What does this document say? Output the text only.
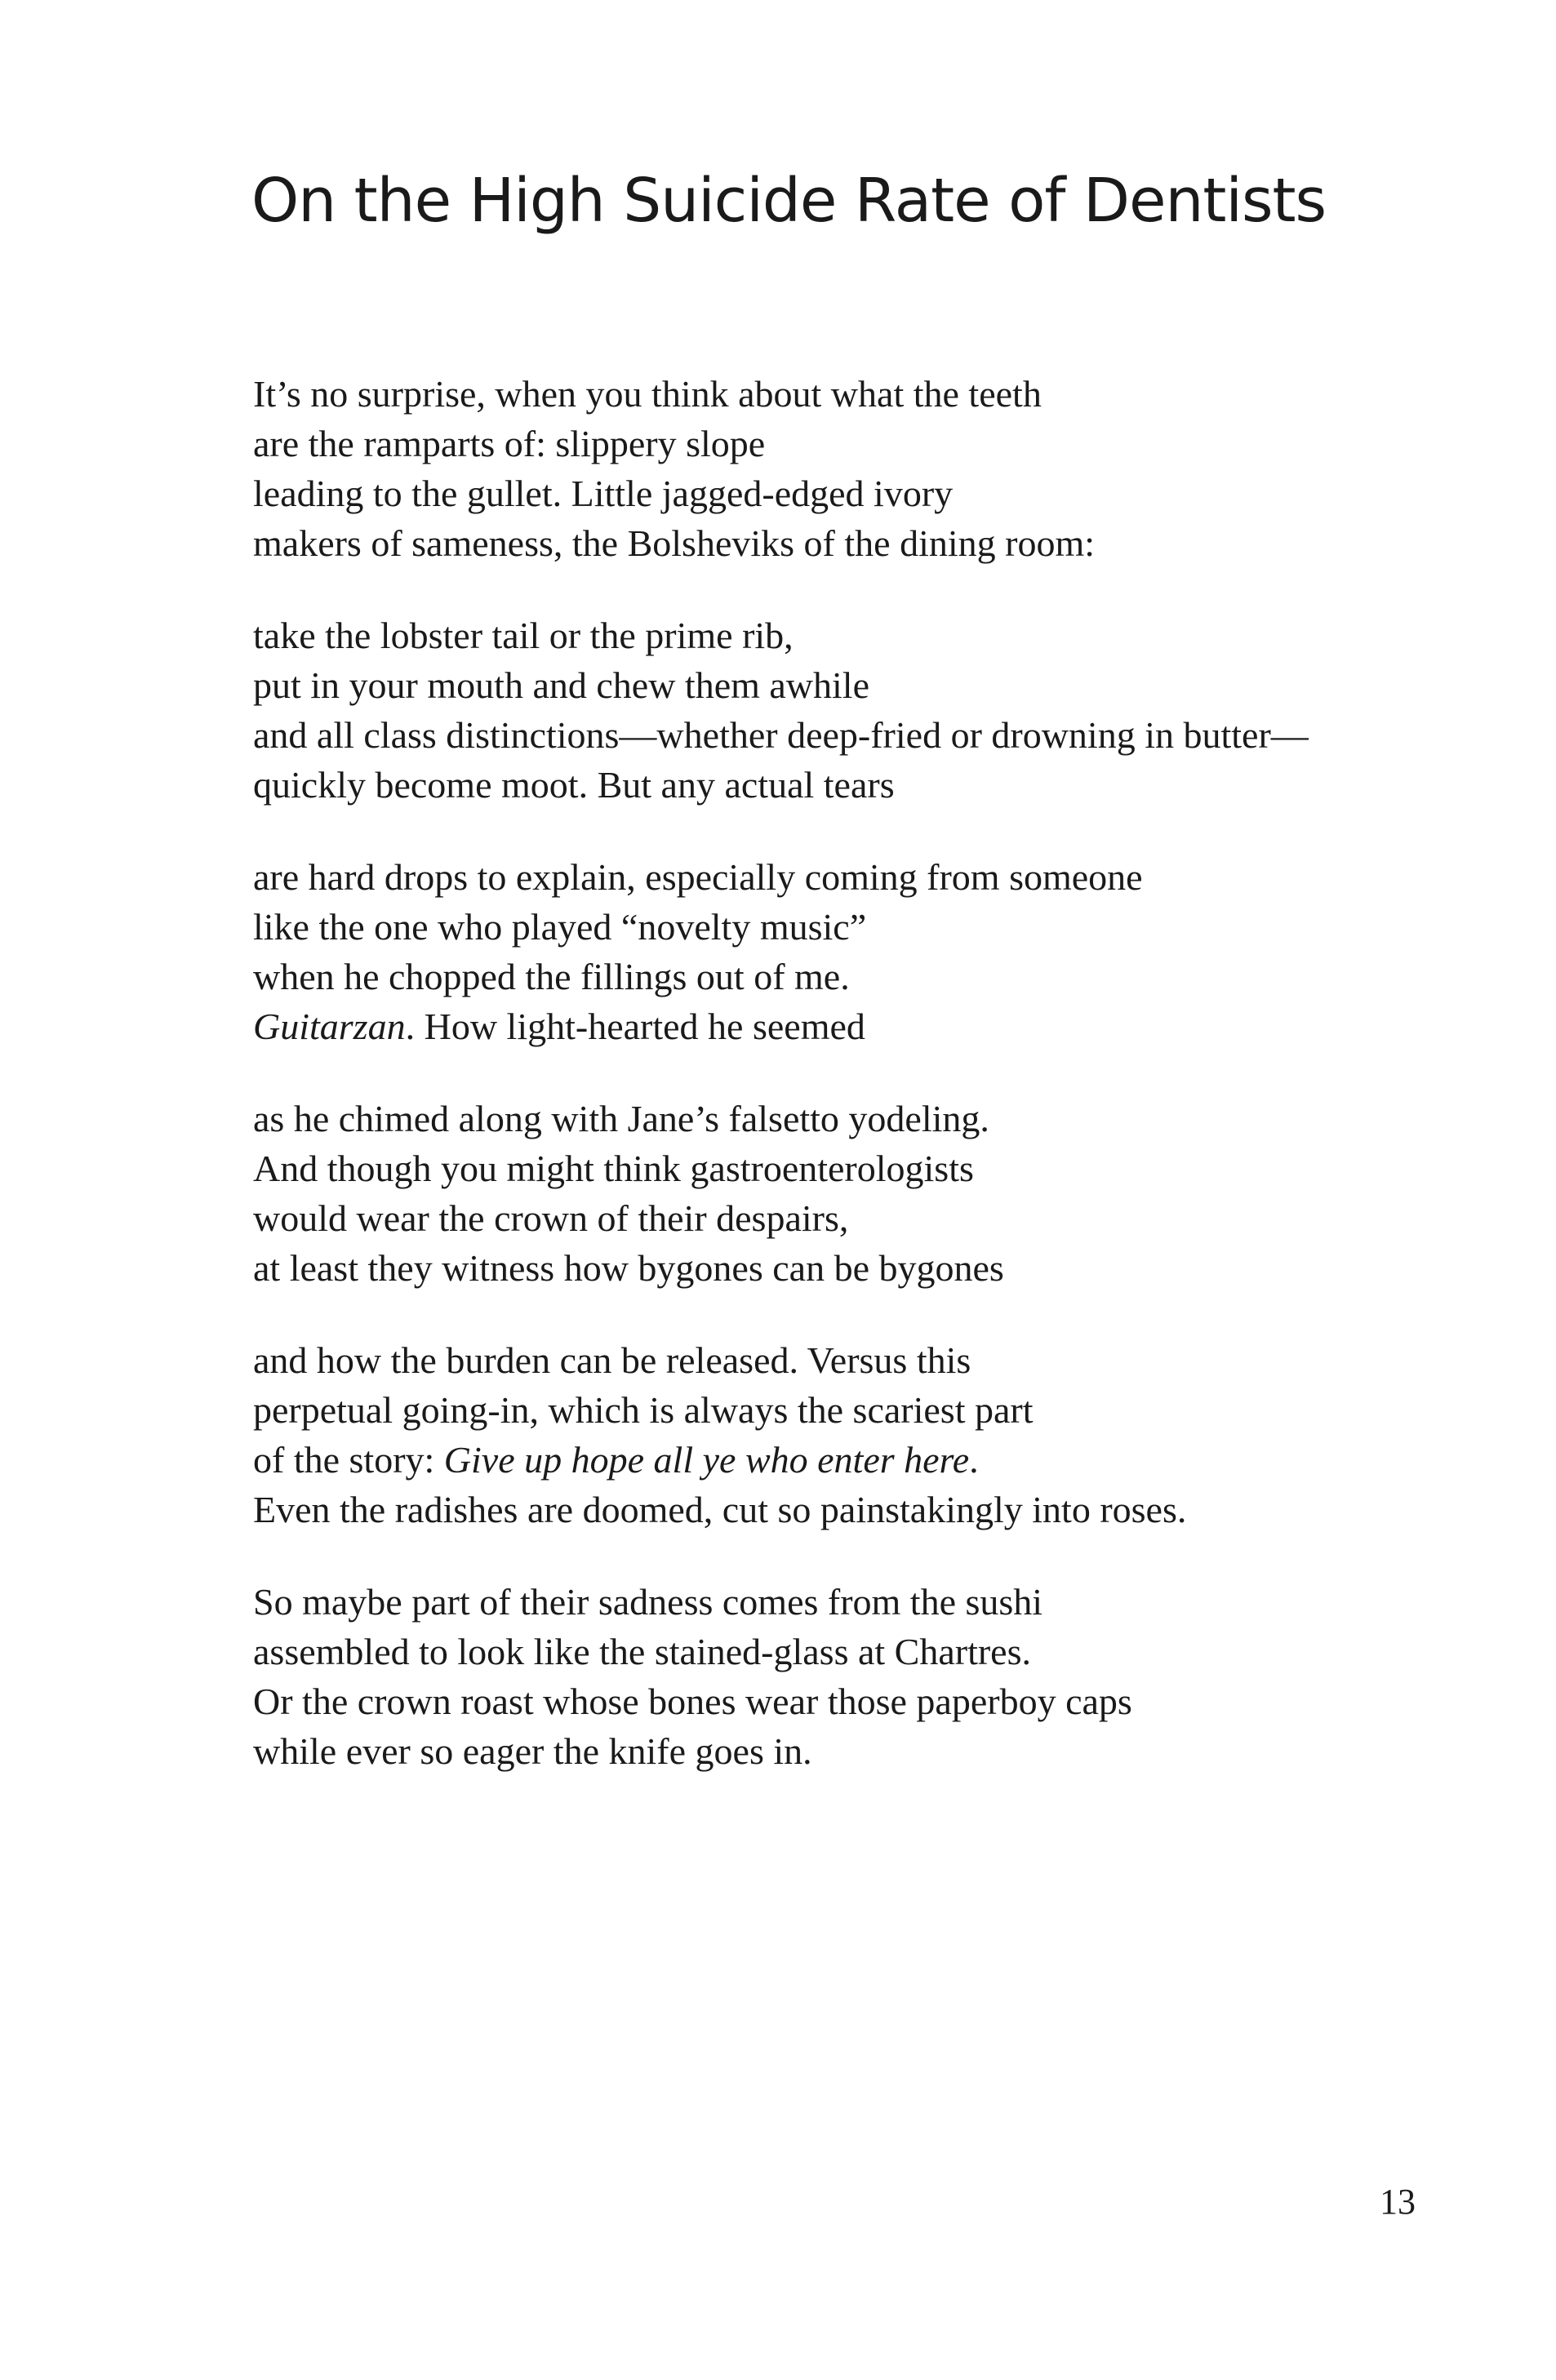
On the High Suicide Rate of Dentists

It’s no surprise, when you think about what the teeth
are the ramparts of: slippery slope
leading to the gullet. Little jagged-edged ivory
makers of sameness, the Bolsheviks of the dining room:

take the lobster tail or the prime rib,
put in your mouth and chew them awhile
and all class distinctions—whether deep-fried or drowning in butter—
quickly become moot. But any actual tears

are hard drops to explain, especially coming from someone
like the one who played “novelty music”
when he chopped the fillings out of me.
Guitarzan. How light-hearted he seemed

as he chimed along with Jane’s falsetto yodeling.
And though you might think gastroenterologists
would wear the crown of their despairs,
at least they witness how bygones can be bygones

and how the burden can be released. Versus this
perpetual going-in, which is always the scariest part
of the story: Give up hope all ye who enter here.
Even the radishes are doomed, cut so painstakingly into roses.

So maybe part of their sadness comes from the sushi
assembled to look like the stained-glass at Chartres.
Or the crown roast whose bones wear those paperboy caps
while ever so eager the knife goes in.

13
